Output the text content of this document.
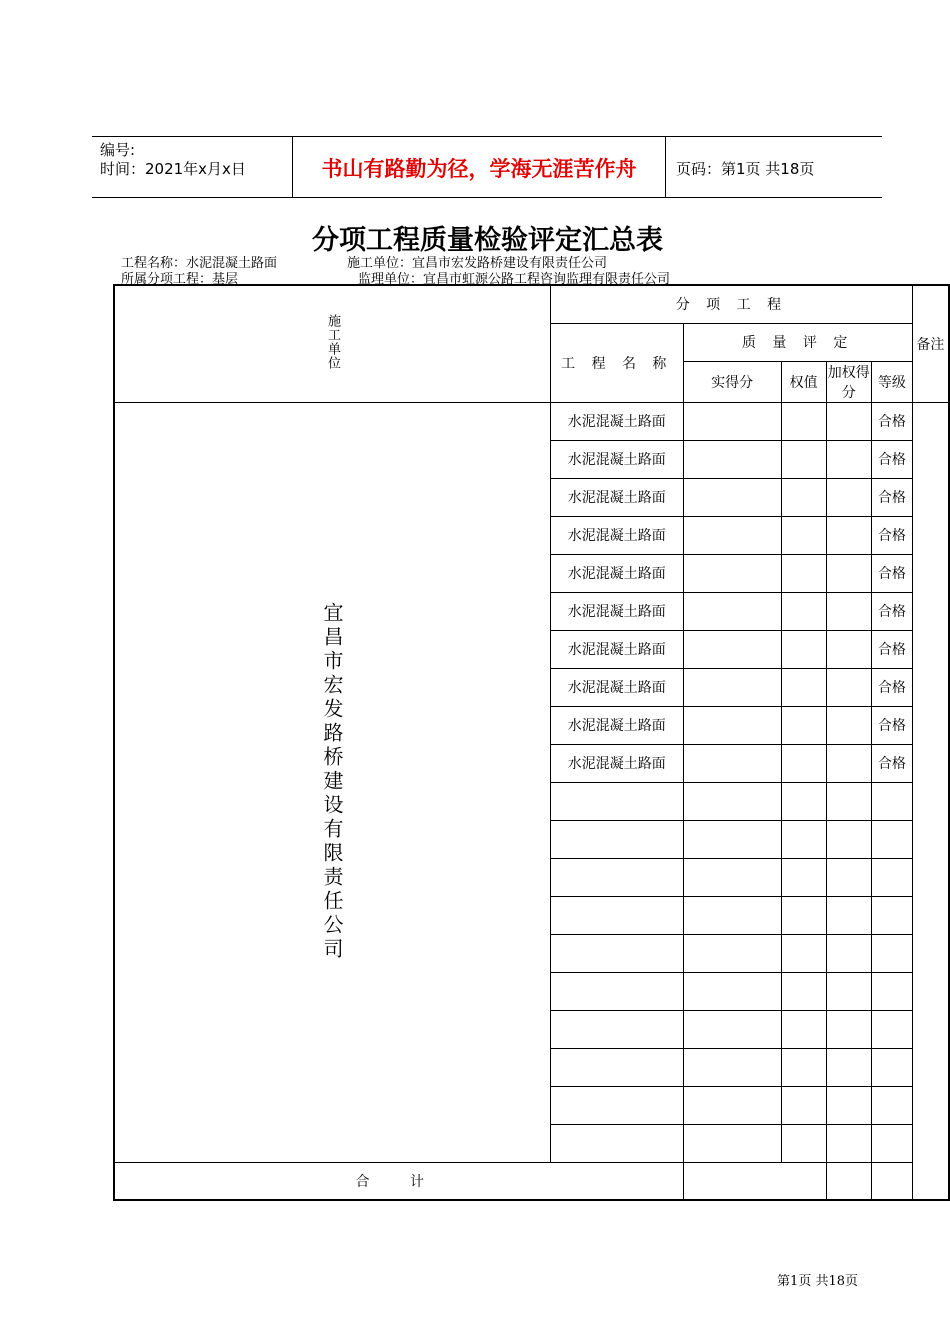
编号:
时间：2021年x月x日	书山有路勤为径，学海无涯苦作舟	页码：第1页 共18页
分项工程质量检验评定汇总表
工程名称：水泥混凝土路面	施工单位：宜昌市宏发路桥建设有限责任公司
所属分项工程：基层	监理单位：宜昌市虹源公路工程咨询监理有限责任公司
施工单位	分 项 工 程					备注
	工 程 名 称	质 量 评 定				
		实得分	权值	加权得分	等级	
宜昌市宏发路桥建设有限责任公司	水泥混凝土路面				合格	
	水泥混凝土路面				合格	
	水泥混凝土路面				合格	
	水泥混凝土路面				合格	
	水泥混凝土路面				合格	
	水泥混凝土路面				合格	
	水泥混凝土路面				合格	
	水泥混凝土路面				合格	
	水泥混凝土路面				合格	
	水泥混凝土路面				合格	

合 计						
第1页 共18页
